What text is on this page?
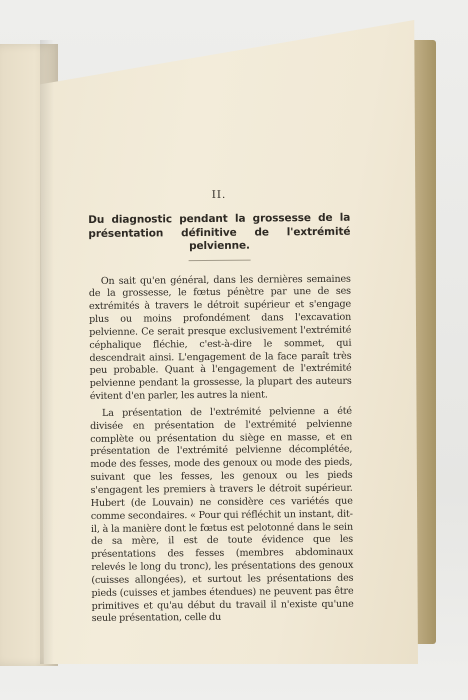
II.
Du diagnostic pendant la grossesse de la présentation définitive de l'extrémité pelvienne.

On sait qu'en général, dans les dernières semaines de la grossesse, le fœtus pénètre par une de ses extrémités à travers le détroit supérieur et s'engage plus ou moins profondément dans l'excavation pelvienne. Ce serait presque exclusivement l'extrémité céphalique fléchie, c'est-à-dire le sommet, qui descendrait ainsi. L'engagement de la face paraît très peu probable. Quant à l'engagement de l'extrémité pelvienne pendant la grossesse, la plupart des auteurs évitent d'en parler, les autres la nient.

La présentation de l'extrémité pelvienne a été divisée en présentation de l'extrémité pelvienne complète ou présentation du siège en masse, et en présentation de l'extrémité pelvienne décomplétée, mode des fesses, mode des genoux ou mode des pieds, suivant que les fesses, les genoux ou les pieds s'engagent les premiers à travers le détroit supérieur. Hubert (de Louvain) ne considère ces variétés que comme secondaires. « Pour qui réfléchit un instant, dit-il, à la manière dont le fœtus est pelotonné dans le sein de sa mère, il est de toute évidence que les présentations des fesses (membres abdominaux relevés le long du tronc), les présentations des genoux (cuisses allongées), et surtout les présentations des pieds (cuisses et jambes étendues) ne peuvent pas être primitives et qu'au début du travail il n'existe qu'une seule présentation, celle du
